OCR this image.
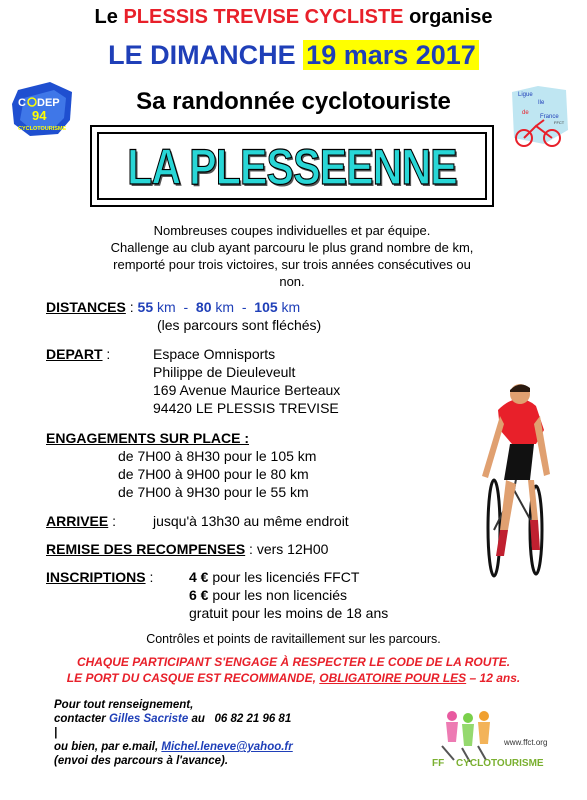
Le PLESSIS TREVISE CYCLISTE organise
LE DIMANCHE 19 mars 2017
Sa randonnée cyclotouriste
C DEP
94
CYCLOTOURISME
Ligue
Ile
de
France
FFCT
LA PLESSEENNE
Nombreuses coupes individuelles et par équipe.
Challenge au club ayant parcouru le plus grand nombre de km,
remporté pour trois victoires, sur trois années consécutives ou
non.
DISTANCES : 55 km - 80 km - 105 km
(les parcours sont fléchés)
DEPART :	Espace Omnisports
Philippe de Dieuleveult
169 Avenue Maurice Berteaux
94420 LE PLESSIS TREVISE
ENGAGEMENTS SUR PLACE :
de 7H00 à 8H30 pour le 105 km
de 7H00 à 9H00 pour le 80 km
de 7H00 à 9H30 pour le 55 km
ARRIVEE :	jusqu'à 13h30 au même endroit
REMISE DES RECOMPENSES : vers 12H00
INSCRIPTIONS :	4 € pour les licenciés FFCT
6 € pour les non licenciés
gratuit pour les moins de 18 ans
Contrôles et points de ravitaillement sur les parcours.
CHAQUE PARTICIPANT S'ENGAGE À RESPECTER LE CODE DE LA ROUTE.
LE PORT DU CASQUE EST RECOMMANDE, OBLIGATOIRE POUR LES – 12 ans.
Pour tout renseignement,
contacter Gilles Sacriste au 06 82 21 96 81
|
ou bien, par e.mail, Michel.leneve@yahoo.fr
(envoi des parcours à l'avance).
www.ffct.org
FF CYCLOTOURISME
